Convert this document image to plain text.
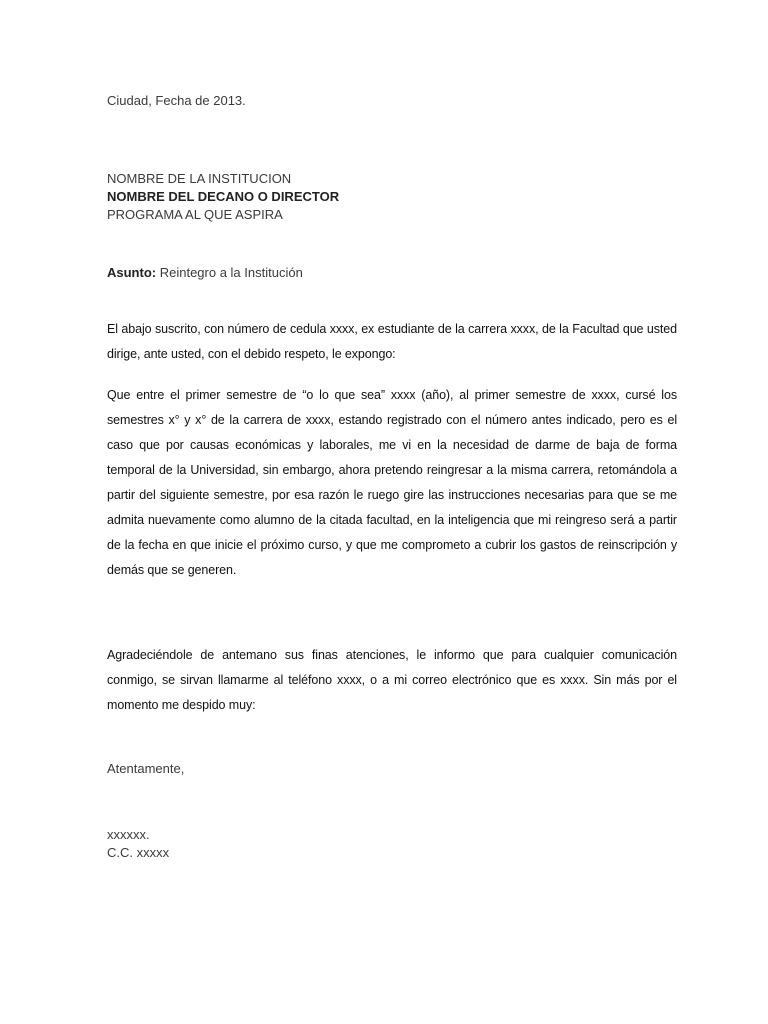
Ciudad, Fecha de 2013.

NOMBRE DE LA INSTITUCION
NOMBRE DEL DECANO O DIRECTOR
PROGRAMA AL QUE ASPIRA

Asunto: Reintegro a la Institución

El abajo suscrito, con número de cedula xxxx, ex estudiante de la carrera xxxx, de la Facultad que usted dirige, ante usted, con el debido respeto, le expongo:

Que entre el primer semestre de “o lo que sea” xxxx (año), al primer semestre de xxxx, cursé los semestres x° y x° de la carrera de xxxx, estando registrado con el número antes indicado, pero es el caso que por causas económicas y laborales, me vi en la necesidad de darme de baja de forma temporal de la Universidad, sin embargo, ahora pretendo reingresar a la misma carrera, retomándola a partir del siguiente semestre, por esa razón le ruego gire las instrucciones necesarias para que se me admita nuevamente como alumno de la citada facultad, en la inteligencia que mi reingreso será a partir de la fecha en que inicie el próximo curso, y que me comprometo a cubrir los gastos de reinscripción y demás que se generen.

Agradeciéndole de antemano sus finas atenciones, le informo que para cualquier comunicación conmigo, se sirvan llamarme al teléfono xxxx, o a mi correo electrónico que es xxxx. Sin más por el momento me despido muy:

Atentamente,

xxxxxx.
C.C. xxxxx
